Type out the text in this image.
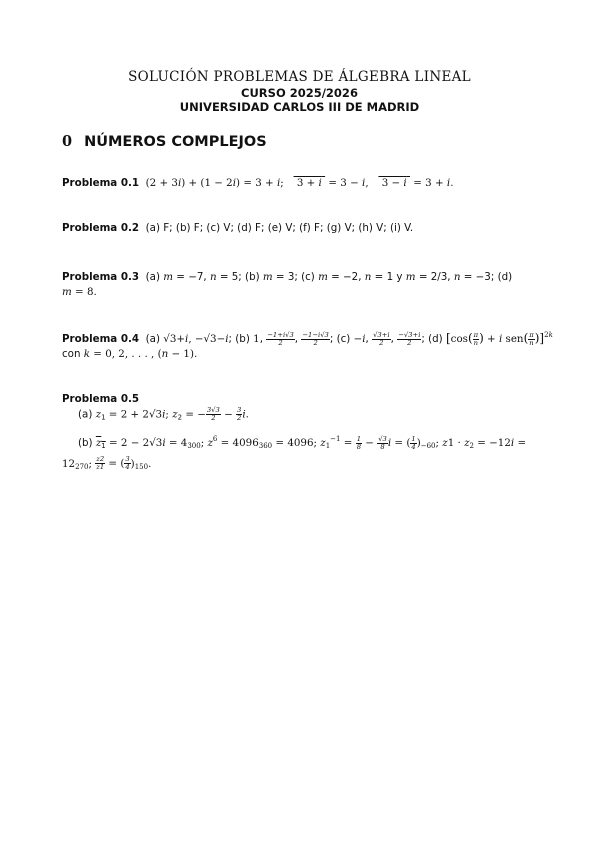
SOLUCIÓN PROBLEMAS DE ÁLGEBRA LINEAL
CURSO 2025/2026
UNIVERSIDAD CARLOS III DE MADRID
0 NÚMEROS COMPLEJOS
Problema 0.1 (2 + 3i) + (1 − 2i) = 3 + i;    3 + i  = 3 − i,    3 − i  = 3 + i.
Problema 0.2 (a) F; (b) F; (c) V; (d) F; (e) V; (f) F; (g) V; (h) V; (i) V.
Problema 0.3 (a) m = −7, n = 5; (b) m = 3; (c) m = −2, n = 1 y m = 2/3, n = −3; (d)
m = 8.
Problema 0.4 (a) √3+i, −√3−i; (b) 1, $\frac{-1+i√3}{2}$ , $\frac{-1-i√3}{2}$ ; (c) −i, $\frac{√3+i}{2}$ , $\frac{-√3+i}{2}$ ; (d) [$\cos( \frac{\pi}{n}$ ) + i $sen( \frac{\pi}{n} )]^{2k}$
con k = 0, 2, . . . , (n − 1).
Problema 0.5
(a) $z_1 = 2 + 2√3i$; $z_2$ = − $\frac{3√3}{2} - \frac{3}{2} i$.
(b) $z_1 = 2 - 2√3i = 4_{300}$; $z^6 = 4096_{360} = 4096$; $z_1^{-1} = \frac{1}{8} - \frac{√3}{8}$ i = ( $\frac{1}{4} )_{-60}$; $z1 \cdot z_2 = -12i$ =
$12_{270}$; $\frac{z2}{z1}$ = ( $\frac{3}{4} )_{150}$.
